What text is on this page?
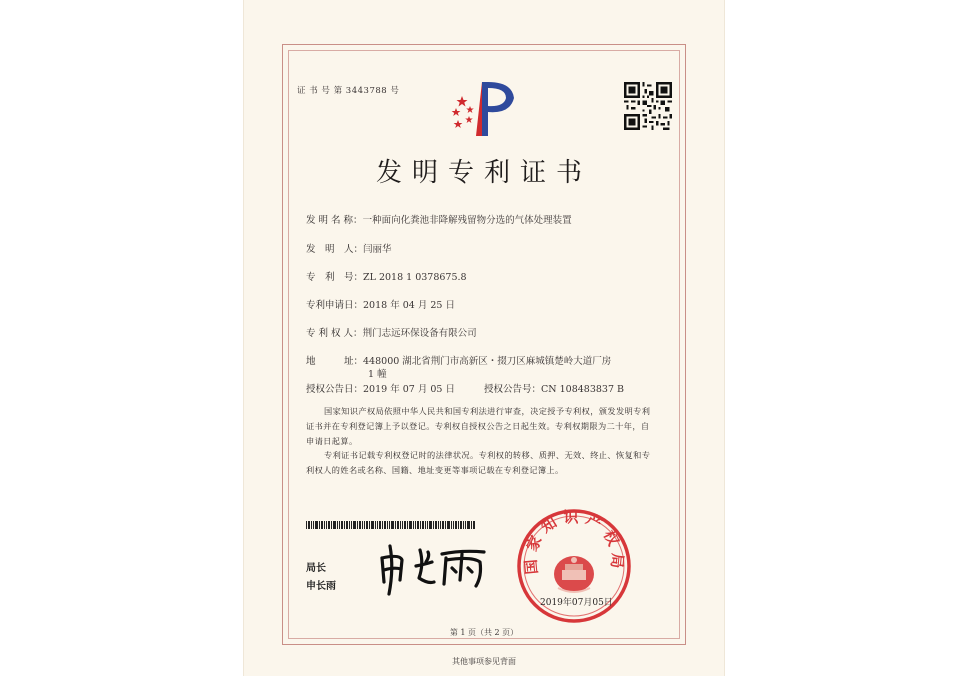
证 书 号 第 3443788 号
发明专利证书
发 明 名 称：一种面向化粪池非降解残留物分选的气体处理装置
发　明　人：闫丽华
专　利　号：ZL 2018 1 0378675.8
专利申请日：2018 年 04 月 25 日
专 利 权 人：荆门志远环保设备有限公司
地　　　址：448000 湖北省荆门市高新区・掇刀区麻城镇楚岭大道厂房
1 幢
授权公告日：2019 年 07 月 05 日	授权公告号：CN 108483837 B
国家知识产权局依照中华人民共和国专利法进行审查，决定授予专利权，颁发发明专利证书并在专利登记簿上予以登记。专利权自授权公告之日起生效。专利权期限为二十年，自申请日起算。
专利证书记载专利权登记时的法律状况。专利权的转移、质押、无效、终止、恢复和专利权人的姓名或名称、国籍、地址变更等事项记载在专利登记簿上。
局长
申长雨
国家知识产权局
2019年07月05日
第 1 页（共 2 页）
其他事项参见背面
